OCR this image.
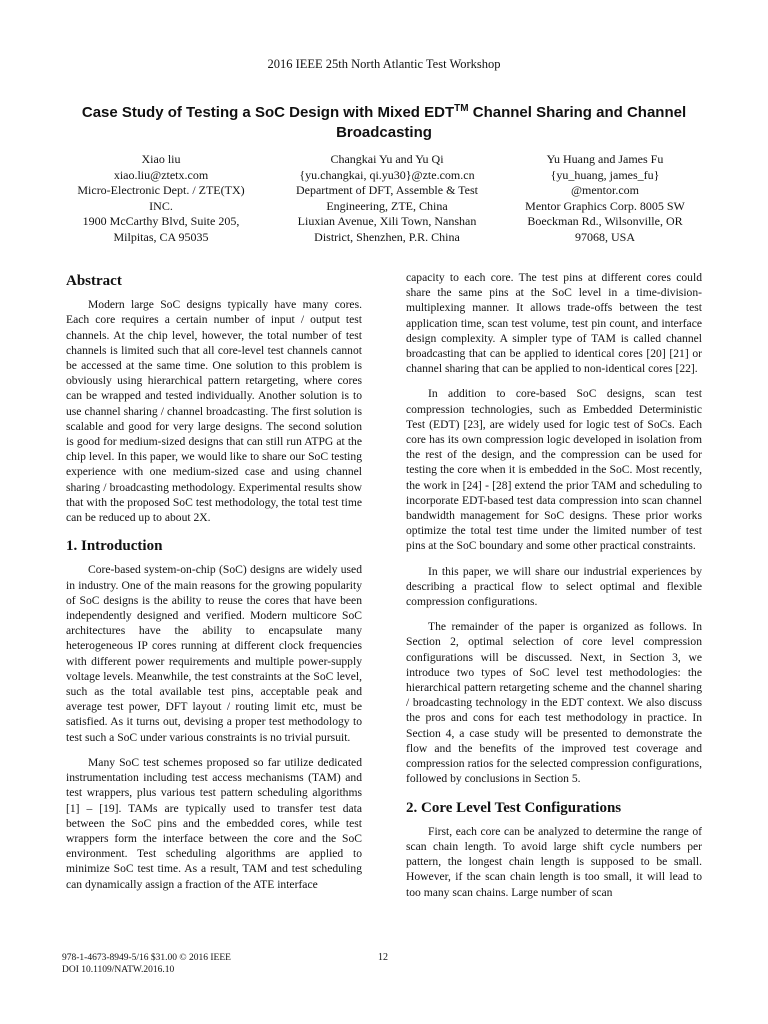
2016 IEEE 25th North Atlantic Test Workshop
Case Study of Testing a SoC Design with Mixed EDT™ Channel Sharing and Channel Broadcasting
Xiao liu
xiao.liu@ztetx.com
Micro-Electronic Dept. / ZTE(TX)
INC.
1900 McCarthy Blvd, Suite 205,
Milpitas, CA 95035
Changkai Yu and Yu Qi
{yu.changkai, qi.yu30}@zte.com.cn
Department of DFT, Assemble & Test
Engineering, ZTE, China
Liuxian Avenue, Xili Town, Nanshan
District, Shenzhen, P.R. China
Yu Huang and James Fu
{yu_huang, james_fu}
@mentor.com
Mentor Graphics Corp. 8005 SW
Boeckman Rd., Wilsonville, OR
97068, USA
Abstract

Modern large SoC designs typically have many cores. Each core requires a certain number of input / output test channels. At the chip level, however, the total number of test channels is limited such that all core-level test channels cannot be accessed at the same time. One solution to this problem is obviously using hierarchical pattern retargeting, where cores can be wrapped and tested individually. Another solution is to use channel sharing / channel broadcasting. The first solution is scalable and good for very large designs. The second solution is good for medium-sized designs that can still run ATPG at the chip level. In this paper, we would like to share our SoC testing experience with one medium-sized case and using channel sharing / broadcasting methodology. Experimental results show that with the proposed SoC test methodology, the total test time can be reduced up to about 2X.

1. Introduction

Core-based system-on-chip (SoC) designs are widely used in industry. One of the main reasons for the growing popularity of SoC designs is the ability to reuse the cores that have been independently designed and verified. Modern multicore SoC architectures have the ability to encapsulate many heterogeneous IP cores running at different clock frequencies with different power requirements and multiple power-supply voltage levels. Meanwhile, the test constraints at the SoC level, such as the total available test pins, acceptable peak and average test power, DFT layout / routing limit etc, must be satisfied. As it turns out, devising a proper test methodology to test such a SoC under various constraints is no trivial pursuit.

Many SoC test schemes proposed so far utilize dedicated instrumentation including test access mechanisms (TAM) and test wrappers, plus various test pattern scheduling algorithms [1] – [19]. TAMs are typically used to transfer test data between the SoC pins and the embedded cores, while test wrappers form the interface between the core and the SoC environment. Test scheduling algorithms are applied to minimize SoC test time. As a result, TAM and test scheduling can dynamically assign a fraction of the ATE interface

capacity to each core. The test pins at different cores could share the same pins at the SoC level in a time-division-multiplexing manner. It allows trade-offs between the test application time, scan test volume, test pin count, and interface design complexity. A simpler type of TAM is called channel broadcasting that can be applied to identical cores [20] [21] or channel sharing that can be applied to non-identical cores [22].

In addition to core-based SoC designs, scan test compression technologies, such as Embedded Deterministic Test (EDT) [23], are widely used for logic test of SoCs. Each core has its own compression logic developed in isolation from the rest of the design, and the compression can be used for testing the core when it is embedded in the SoC. Most recently, the work in [24] - [28] extend the prior TAM and scheduling to incorporate EDT-based test data compression into scan channel bandwidth management for SoC designs. These prior works optimize the total test time under the limited number of test pins at the SoC boundary and some other practical constraints.

In this paper, we will share our industrial experiences by describing a practical flow to select optimal and flexible compression configurations.

The remainder of the paper is organized as follows. In Section 2, optimal selection of core level compression configurations will be discussed. Next, in Section 3, we introduce two types of SoC level test methodologies: the hierarchical pattern retargeting scheme and the channel sharing / broadcasting technology in the EDT context. We also discuss the pros and cons for each test methodology in practice. In Section 4, a case study will be presented to demonstrate the flow and the benefits of the improved test coverage and compression ratios for the selected compression configurations, followed by conclusions in Section 5.

2. Core Level Test Configurations

First, each core can be analyzed to determine the range of scan chain length. To avoid large shift cycle numbers per pattern, the longest chain length is supposed to be small. However, if the scan chain length is too small, it will lead to too many scan chains. Large number of scan

978-1-4673-8949-5/16 $31.00 © 2016 IEEE
DOI 10.1109/NATW.2016.10
12
